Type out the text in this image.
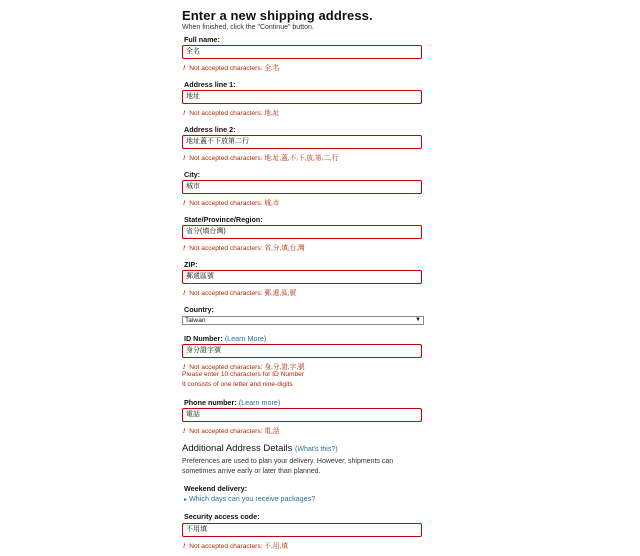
Enter a new shipping address.
When finished, click the "Continue" button.
Full name:
全名
! Not accepted characters: 全,名
Address line 1:
地址
! Not accepted characters: 地,址
Address line 2:
地址蓋不下放第二行
! Not accepted characters: 地,址,蓋,不,下,放,第,二,行
City:
城市
! Not accepted characters: 城,市
State/Province/Region:
省分(填台灣)
! Not accepted characters: 省,分,填,台,灣
ZIP:
郵遞區號
! Not accepted characters: 郵,遞,區,號
Country:
Taiwan	▼
ID Number: (Learn More)
身分證字號
! Not accepted characters: 身,分,證,字,號
Please enter 10 characters for ID Number
It consists of one letter and nine-digits
Phone number: (Learn more)
電話
! Not accepted characters: 電,話
Additional Address Details (What's this?)
Preferences are used to plan your delivery. However, shipments can sometimes arrive early or later than planned.
Weekend delivery:
▸ Which days can you receive packages?
Security access code:
不用填
! Not accepted characters: 不,用,填
